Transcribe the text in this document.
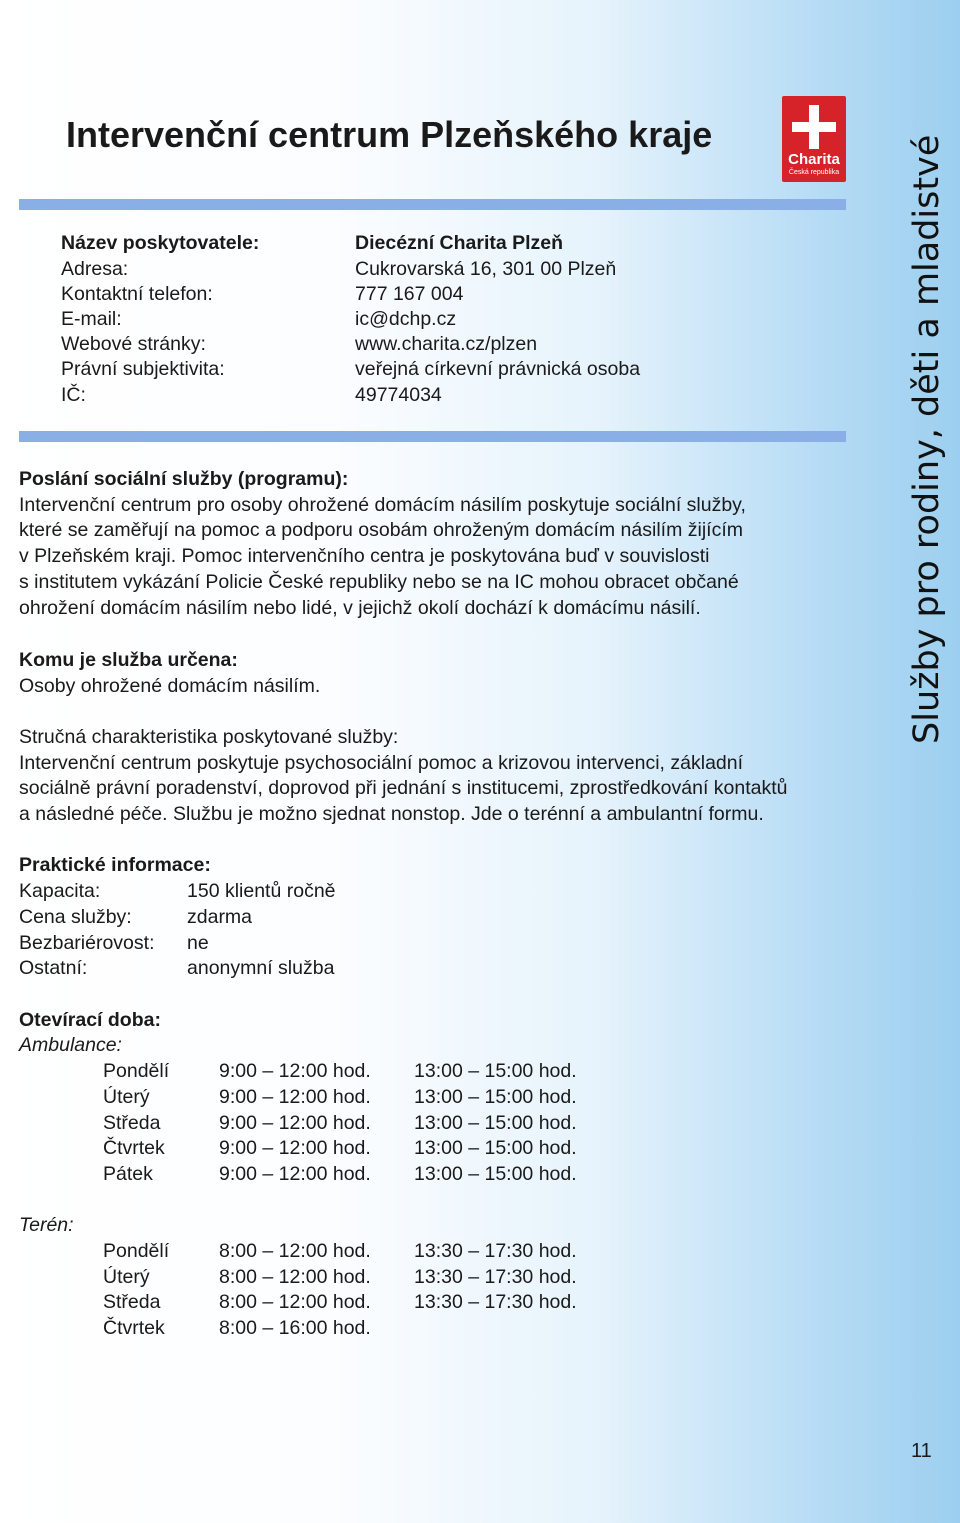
Intervenční centrum Plzeňského kraje
Charita
Česká republika
Název poskytovatele:	Diecézní Charita Plzeň
Adresa:	Cukrovarská 16, 301 00 Plzeň
Kontaktní telefon:	777 167 004
E-mail:	ic@dchp.cz
Webové stránky:	www.charita.cz/plzen
Právní subjektivita:	veřejná církevní právnická osoba
IČ:	49774034
Poslání sociální služby (programu):
Intervenční centrum pro osoby ohrožené domácím násilím poskytuje sociální služby,
které se zaměřují na pomoc a podporu osobám ohroženým domácím násilím žijícím
v Plzeňském kraji. Pomoc intervenčního centra je poskytována buď v souvislosti
s institutem vykázání Policie České republiky nebo se na IC mohou obracet občané
ohrožení domácím násilím nebo lidé, v jejichž okolí dochází k domácímu násilí.
Komu je služba určena:
Osoby ohrožené domácím násilím.
Stručná charakteristika poskytované služby:
Intervenční centrum poskytuje psychosociální pomoc a krizovou intervenci, základní
sociálně právní poradenství, doprovod při jednání s institucemi, zprostředkování kontaktů
a následné péče. Službu je možno sjednat nonstop. Jde o terénní a ambulantní formu.
Praktické informace:
Kapacita:	150 klientů ročně
Cena služby:	zdarma
Bezbariérovost: ne
Ostatní:	anonymní služba
Otevírací doba:
Ambulance:
Pondělí	9:00 – 12:00 hod. 13:00 – 15:00 hod.
Úterý	9:00 – 12:00 hod. 13:00 – 15:00 hod.
Středa	9:00 – 12:00 hod. 13:00 – 15:00 hod.
Čtvrtek	9:00 – 12:00 hod. 13:00 – 15:00 hod.
Pátek	9:00 – 12:00 hod. 13:00 – 15:00 hod.
Terén:
Pondělí	8:00 – 12:00 hod. 13:30 – 17:30 hod.
Úterý	8:00 – 12:00 hod. 13:30 – 17:30 hod.
Středa	8:00 – 12:00 hod. 13:30 – 17:30 hod.
Čtvrtek	8:00 – 16:00 hod.
Služby pro rodiny, děti a mladistvé
11
